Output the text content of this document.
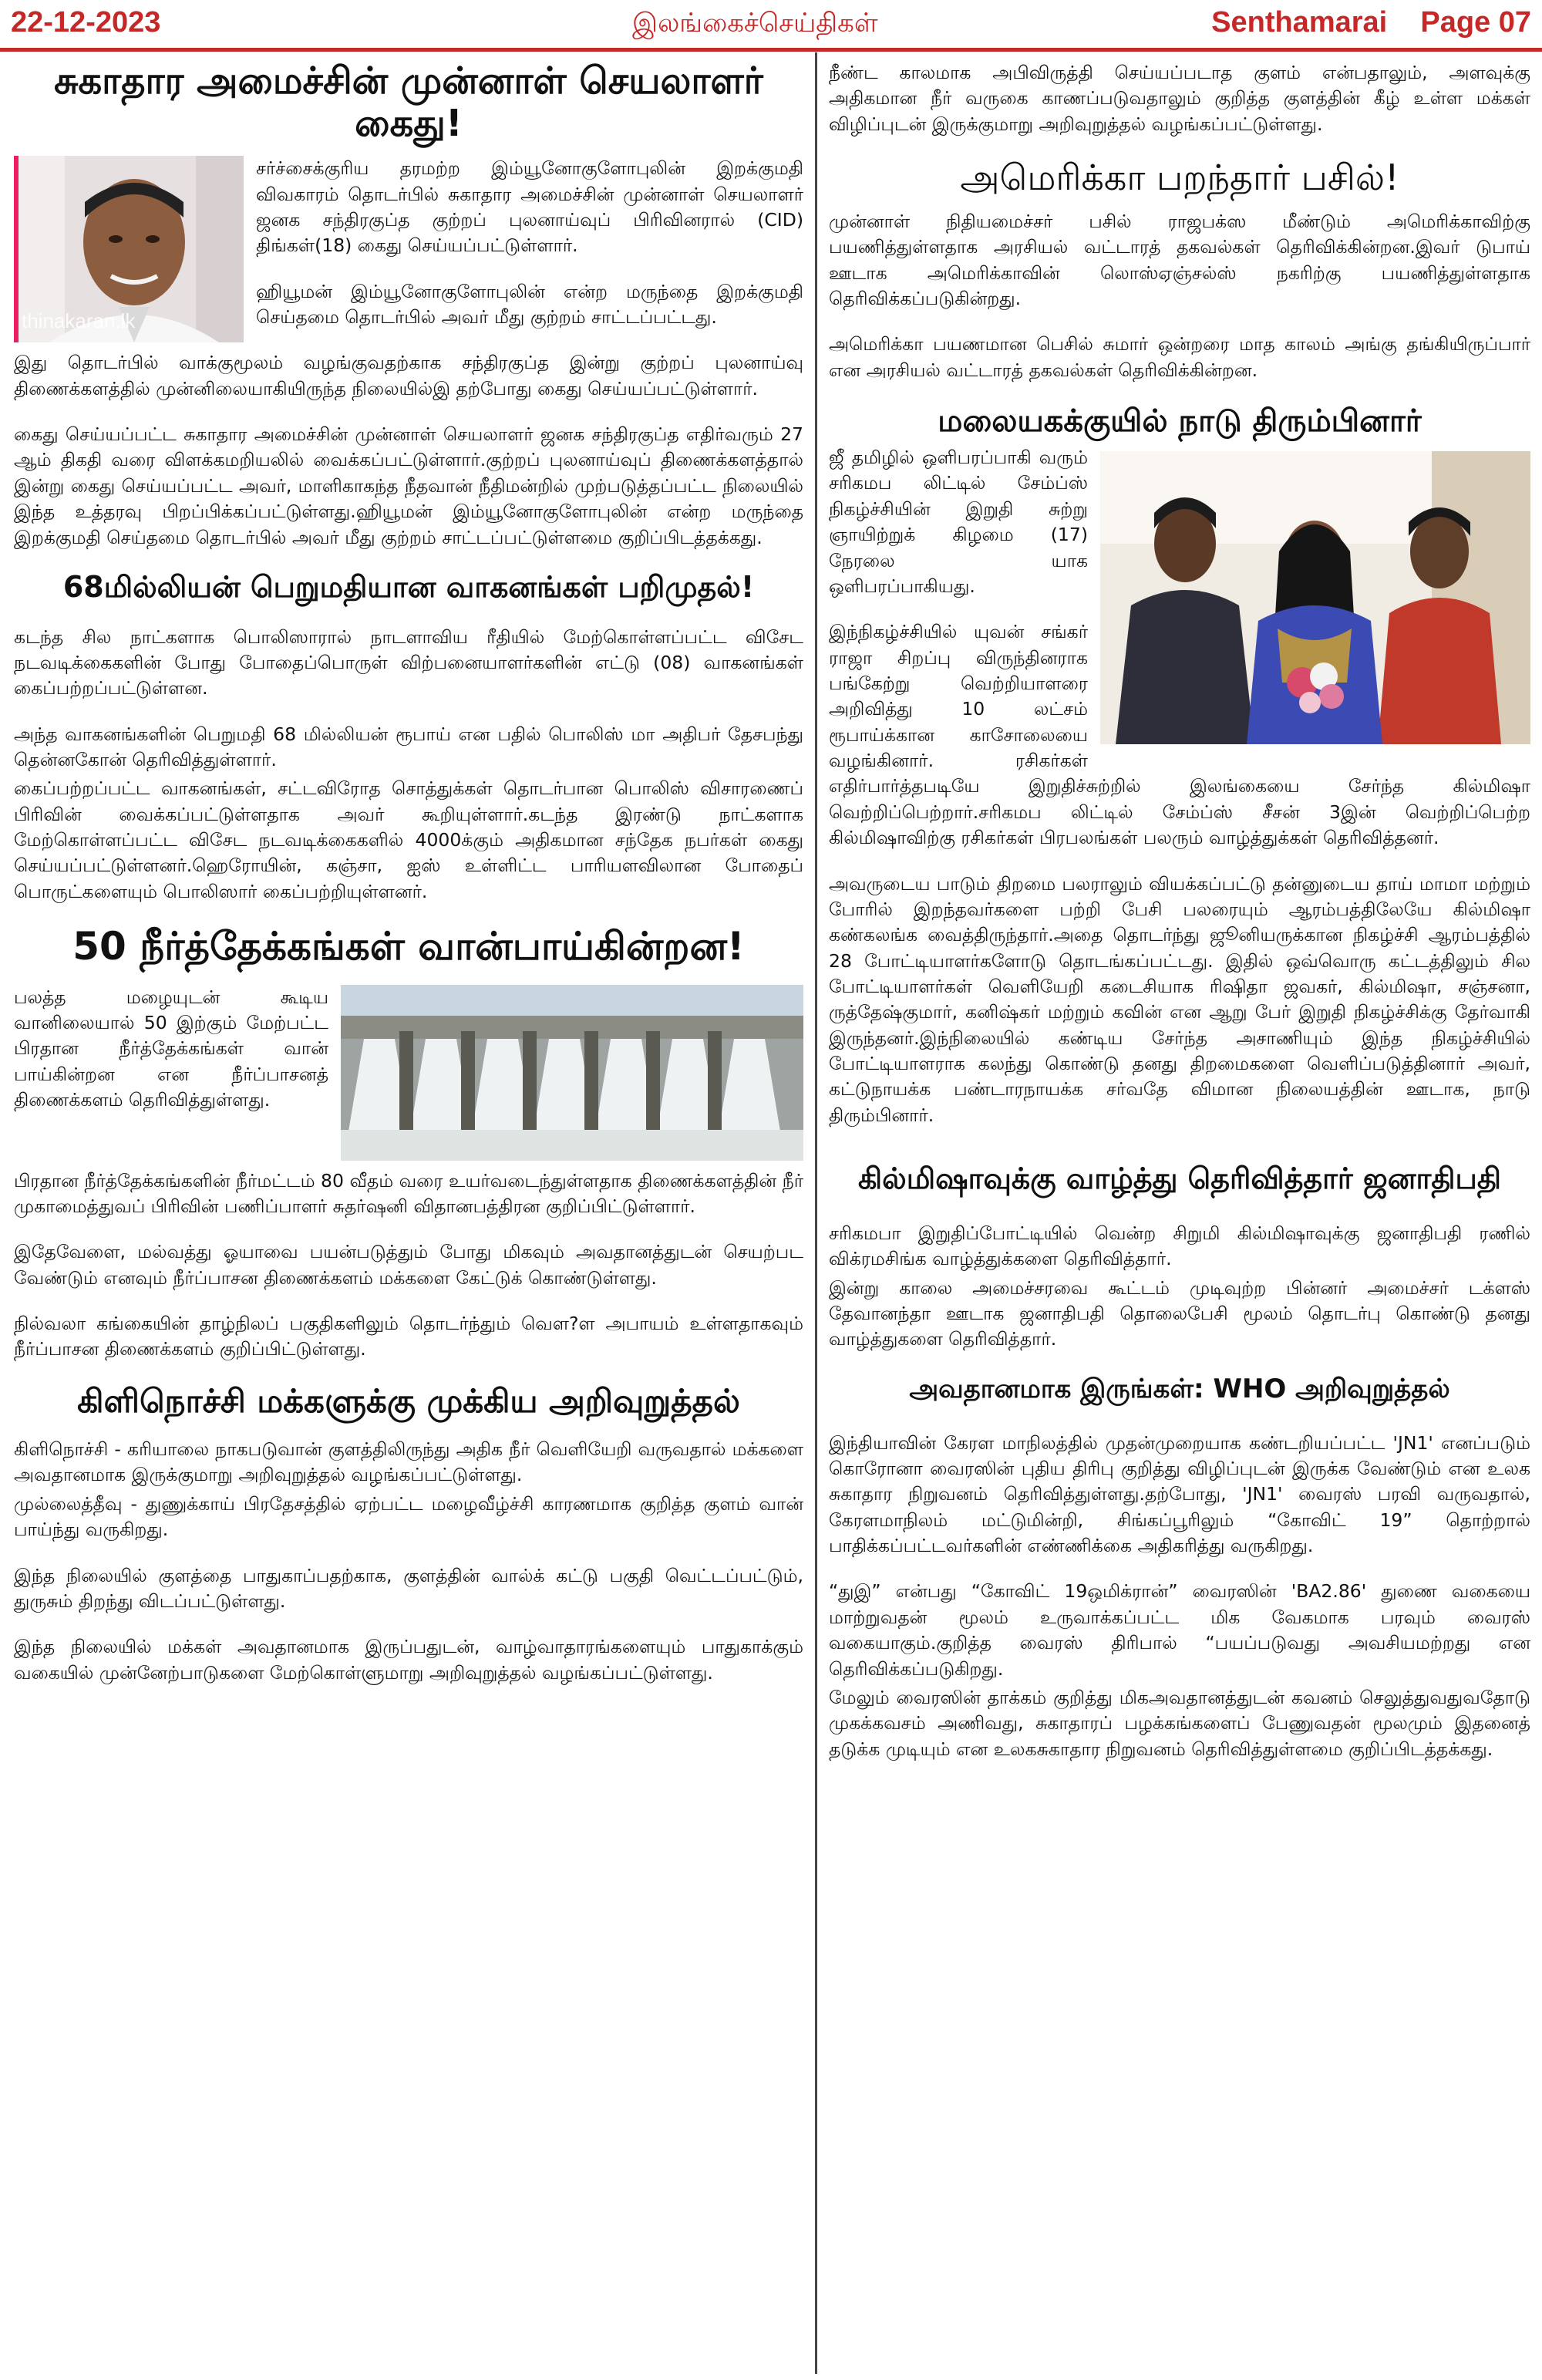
22-12-2023	இலங்கைச்செய்திகள்	Senthamarai Page 07
சுகாதார அமைச்சின் முன்னாள் செயலாளர் கைது!
thinakaran.lk

சர்ச்சைக்குரிய தரமற்ற இம்யூனோகுளோபுலின் இறக்குமதி விவகாரம் தொடர்பில் சுகாதார அமைச்சின் முன்னாள் செயலாளர் ஜனக சந்திரகுப்த குற்றப் புலனாய்வுப் பிரிவினரால் (CID) திங்கள்(18) கைது செய்யப்பட்டுள்ளார்.

ஹியூமன் இம்யூனோகுளோபுலின் என்ற மருந்தை இறக்குமதி செய்தமை தொடர்பில் அவர் மீது குற்றம் சாட்டப்பட்டது.

இது தொடர்பில் வாக்குமூலம் வழங்குவதற்காக சந்திரகுப்த இன்று குற்றப் புலனாய்வு திணைக்களத்தில் முன்னிலையாகியிருந்த நிலையில்இ தற்போது கைது செய்யப்பட்டுள்ளார்.

கைது செய்யப்பட்ட சுகாதார அமைச்சின் முன்னாள் செயலாளர் ஜனக சந்திரகுப்த எதிர்வரும் 27 ஆம் திகதி வரை விளக்கமறியலில் வைக்கப்பட்டுள்ளார்.குற்றப் புலனாய்வுப் திணைக்களத்தால் இன்று கைது செய்யப்பட்ட அவர், மாளிகாகந்த நீதவான் நீதிமன்றில் முற்படுத்தப்பட்ட நிலையில் இந்த உத்தரவு பிறப்பிக்கப்பட்டுள்ளது.ஹியூமன் இம்யூனோகுளோபுலின் என்ற மருந்தை இறக்குமதி செய்தமை தொடர்பில் அவர் மீது குற்றம் சாட்டப்பட்டுள்ளமை குறிப்பிடத்தக்கது.

68மில்லியன் பெறுமதியான வாகனங்கள் பறிமுதல்!

கடந்த சில நாட்களாக பொலிஸாரால் நாடளாவிய ரீதியில் மேற்கொள்ளப்பட்ட விசேட நடவடிக்கைகளின் போது போதைப்பொருள் விற்பனையாளர்களின் எட்டு (08) வாகனங்கள் கைப்பற்றப்பட்டுள்ளன.

அந்த வாகனங்களின் பெறுமதி 68 மில்லியன் ரூபாய் என பதில் பொலிஸ் மா அதிபர் தேசபந்து தென்னகோன் தெரிவித்துள்ளார்.

கைப்பற்றப்பட்ட வாகனங்கள், சட்டவிரோத சொத்துக்கள் தொடர்பான பொலிஸ் விசாரணைப் பிரிவின் வைக்கப்பட்டுள்ளதாக அவர் கூறியுள்ளார்.கடந்த இரண்டு நாட்களாக மேற்கொள்ளப்பட்ட விசேட நடவடிக்கைகளில் 4000க்கும் அதிகமான சந்தேக நபர்கள் கைது செய்யப்பட்டுள்ளனர்.ஹெரோயின், கஞ்சா, ஐஸ் உள்ளிட்ட பாரியளவிலான போதைப் பொருட்களையும் பொலிஸார் கைப்பற்றியுள்ளனர்.

50 நீர்த்தேக்கங்கள் வான்பாய்கின்றன!

பலத்த மழையுடன் கூடிய வானிலையால் 50 இற்கும் மேற்பட்ட பிரதான நீர்த்தேக்கங்கள் வான் பாய்கின்றன என நீர்ப்பாசனத் திணைக்களம் தெரிவித்துள்ளது.

பிரதான நீர்த்தேக்கங்களின் நீர்மட்டம் 80 வீதம் வரை உயர்வடைந்துள்ளதாக திணைக்களத்தின் நீர் முகாமைத்துவப் பிரிவின் பணிப்பாளர் சுதர்ஷனி விதானபத்திரன குறிப்பிட்டுள்ளார்.

இதேவேளை, மல்வத்து ஓயாவை பயன்படுத்தும் போது மிகவும் அவதானத்துடன் செயற்பட வேண்டும் எனவும் நீர்ப்பாசன திணைக்களம் மக்களை கேட்டுக் கொண்டுள்ளது.

நில்வலா கங்கையின் தாழ்நிலப் பகுதிகளிலும் தொடர்ந்தும் வெள?ள அபாயம் உள்ளதாகவும் நீர்ப்பாசன திணைக்களம் குறிப்பிட்டுள்ளது.

கிளிநொச்சி மக்களுக்கு முக்கிய அறிவுறுத்தல்

கிளிநொச்சி - கரியாலை நாகபடுவான் குளத்திலிருந்து அதிக நீர் வெளியேறி வருவதால் மக்களை அவதானமாக இருக்குமாறு அறிவுறுத்தல் வழங்கப்பட்டுள்ளது.

முல்லைத்தீவு - துணுக்காய் பிரதேசத்தில் ஏற்பட்ட மழைவீழ்ச்சி காரணமாக குறித்த குளம் வான் பாய்ந்து வருகிறது.

இந்த நிலையில் குளத்தை பாதுகாப்பதற்காக, குளத்தின் வால்க் கட்டு பகுதி வெட்டப்பட்டும், துருசும் திறந்து விடப்பட்டுள்ளது.

இந்த நிலையில் மக்கள் அவதானமாக இருப்பதுடன், வாழ்வாதாரங்களையும் பாதுகாக்கும் வகையில் முன்னேற்பாடுகளை மேற்கொள்ளுமாறு அறிவுறுத்தல் வழங்கப்பட்டுள்ளது.

நீண்ட காலமாக அபிவிருத்தி செய்யப்படாத குளம் என்பதாலும், அளவுக்கு அதிகமான நீர் வருகை காணப்படுவதாலும் குறித்த குளத்தின் கீழ் உள்ள மக்கள் விழிப்புடன் இருக்குமாறு அறிவுறுத்தல் வழங்கப்பட்டுள்ளது.

அமெரிக்கா பறந்தார் பசில்!

முன்னாள் நிதியமைச்சர் பசில் ராஜபக்ஸ மீண்டும் அமெரிக்காவிற்கு பயணித்துள்ளதாக அரசியல் வட்டாரத் தகவல்கள் தெரிவிக்கின்றன.இவர் டுபாய் ஊடாக அமெரிக்காவின் லொஸ்ஏஞ்சல்ஸ் நகரிற்கு பயணித்துள்ளதாக தெரிவிக்கப்படுகின்றது.

அமெரிக்கா பயணமான பெசில் சுமார் ஒன்றரை மாத காலம் அங்கு தங்கியிருப்பார் என அரசியல் வட்டாரத் தகவல்கள் தெரிவிக்கின்றன.

மலையகக்குயில் நாடு திரும்பினார்

ஜீ தமிழில் ஒளிபரப்பாகி வரும் சரிகமப லிட்டில் சேம்ப்ஸ் நிகழ்ச்சியின் இறுதி சுற்று ஞாயிற்றுக் கிழமை (17) நேரலை யாக ஒளிபரப்பாகியது.

இந்நிகழ்ச்சியில் யுவன் சங்கர் ராஜா சிறப்பு விருந்தினராக பங்கேற்று வெற்றியாளரை அறிவித்து 10 லட்சம் ரூபாய்க்கான காசோலையை வழங்கினார். ரசிகர்கள் எதிர்பார்த்தபடியே இறுதிச்சுற்றில் இலங்கையை சேர்ந்த கில்மிஷா வெற்றிப்பெற்றார்.சரிகமப லிட்டில் சேம்ப்ஸ் சீசன் 3இன் வெற்றிப்பெற்ற கில்மிஷாவிற்கு ரசிகர்கள் பிரபலங்கள் பலரும் வாழ்த்துக்கள் தெரிவித்தனர்.

அவருடைய பாடும் திறமை பலராலும் வியக்கப்பட்டு தன்னுடைய தாய் மாமா மற்றும் போரில் இறந்தவர்களை பற்றி பேசி பலரையும் ஆரம்பத்திலேயே கில்மிஷா கண்கலங்க வைத்திருந்தார்.அதை தொடர்ந்து ஜூனியருக்கான நிகழ்ச்சி ஆரம்பத்தில் 28 போட்டியாளர்களோடு தொடங்கப்பட்டது. இதில் ஒவ்வொரு கட்டத்திலும் சில போட்டியாளர்கள் வெளியேறி கடைசியாக ரிஷிதா ஜவகர், கில்மிஷா, சஞ்சனா, ருத்தேஷ்குமார், கனிஷ்கர் மற்றும் கவின் என ஆறு பேர் இறுதி நிகழ்ச்சிக்கு தேர்வாகி இருந்தனர்.இந்நிலையில் கண்டிய சேர்ந்த அசாணியும் இந்த நிகழ்ச்சியில் போட்டியாளராக கலந்து கொண்டு தனது திறமைகளை வெளிப்படுத்தினார் அவர், கட்டுநாயக்க பண்டாரநாயக்க சர்வதே விமான நிலையத்தின் ஊடாக, நாடு திரும்பினார்.

கில்மிஷாவுக்கு வாழ்த்து தெரிவித்தார் ஜனாதிபதி

சரிகமபா இறுதிப்போட்டியில் வென்ற சிறுமி கில்மிஷாவுக்கு ஜனாதிபதி ரணில் விக்ரமசிங்க வாழ்த்துக்களை தெரிவித்தார்.

இன்று காலை அமைச்சரவை கூட்டம் முடிவுற்ற பின்னர் அமைச்சர் டக்ளஸ் தேவானந்தா ஊடாக ஜனாதிபதி தொலைபேசி மூலம் தொடர்பு கொண்டு தனது வாழ்த்துகளை தெரிவித்தார்.

அவதானமாக இருங்கள்: WHO அறிவுறுத்தல்

இந்தியாவின் கேரள மாநிலத்தில் முதன்முறையாக கண்டறியப்பட்ட 'JN1' எனப்படும் கொரோனா வைரஸின் புதிய திரிபு குறித்து விழிப்புடன் இருக்க வேண்டும் என உலக சுகாதார நிறுவனம் தெரிவித்துள்ளது.தற்போது, 'JN1' வைரஸ் பரவி வருவதால், கேரளமாநிலம் மட்டுமின்றி, சிங்கப்பூரிலும் “கோவிட் 19” தொற்றால் பாதிக்கப்பட்டவர்களின் எண்ணிக்கை அதிகரித்து வருகிறது.

“துஇ” என்பது “கோவிட் 19ஒமிக்ரான்” வைரஸின் 'BA2.86' துணை வகையை மாற்றுவதன் மூலம் உருவாக்கப்பட்ட மிக வேகமாக பரவும் வைரஸ் வகையாகும்.குறித்த வைரஸ் திரிபால் “பயப்படுவது அவசியமற்றது என தெரிவிக்கப்படுகிறது.

மேலும் வைரஸின் தாக்கம் குறித்து மிகஅவதானத்துடன் கவனம் செலுத்துவதுவதோடு முகக்கவசம் அணிவது, சுகாதாரப் பழக்கங்களைப் பேணுவதன் மூலமும் இதனைத் தடுக்க முடியும் என உலகசுகாதார நிறுவனம் தெரிவித்துள்ளமை குறிப்பிடத்தக்கது.
